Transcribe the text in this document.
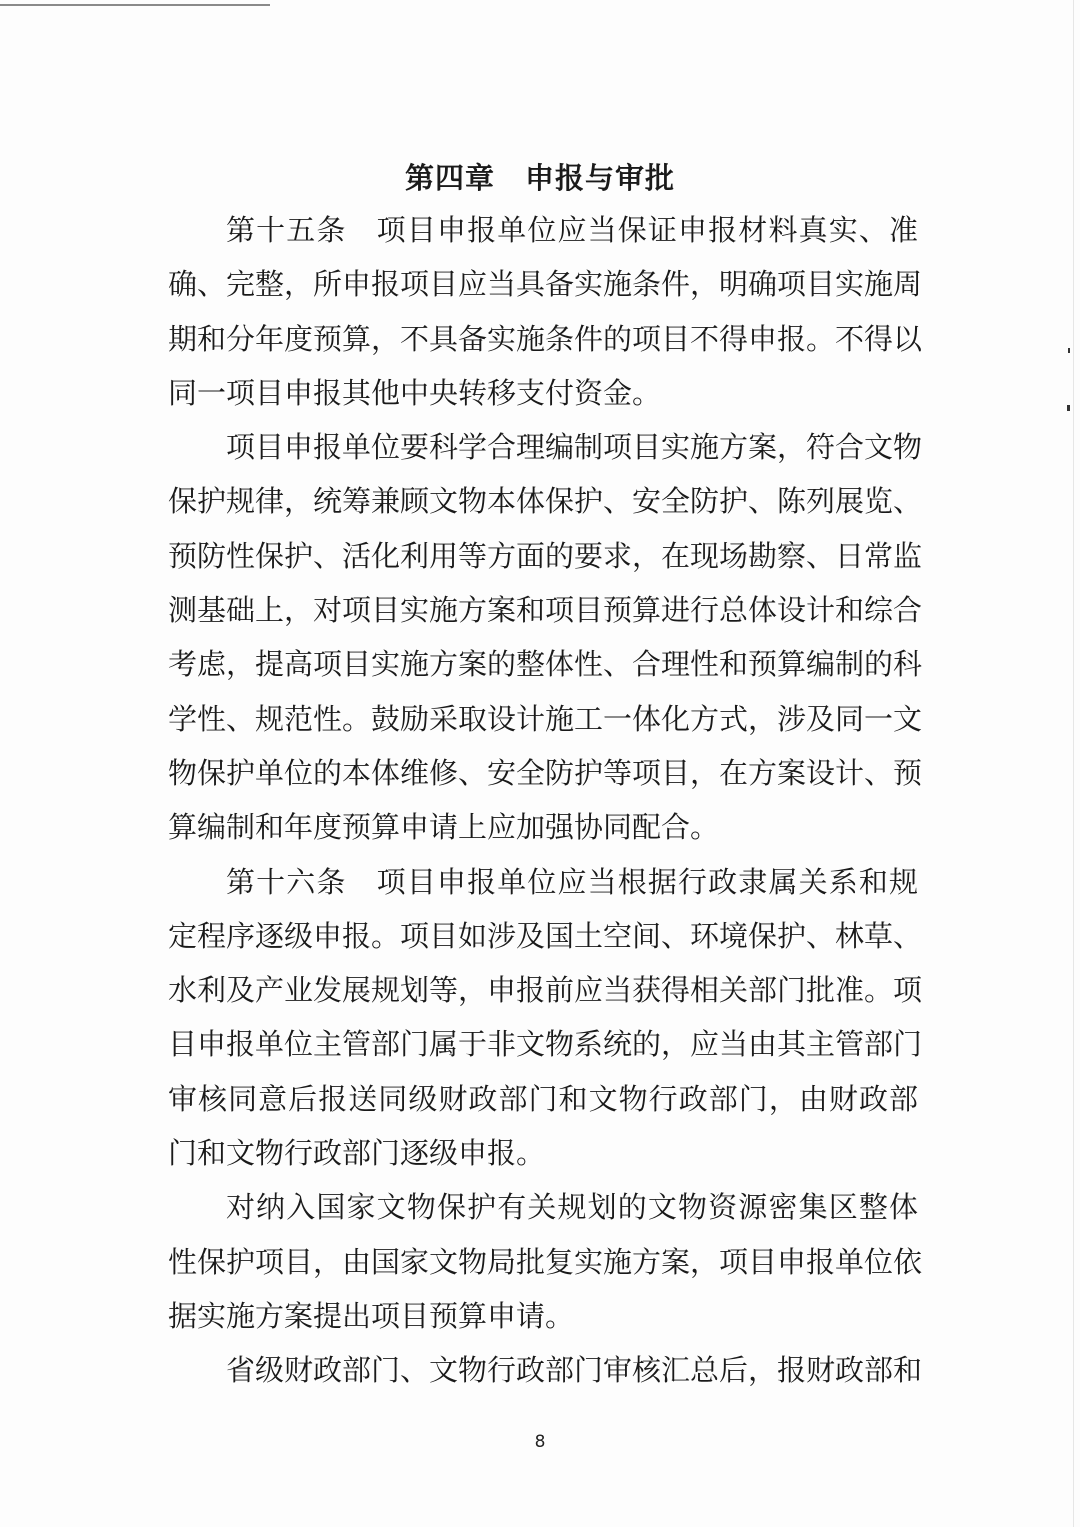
第四章 申报与审批
第十五条　项目申报单位应当保证申报材料真实、准
确、完整，所申报项目应当具备实施条件，明确项目实施周
期和分年度预算，不具备实施条件的项目不得申报。不得以
同一项目申报其他中央转移支付资金。
项目申报单位要科学合理编制项目实施方案，符合文物
保护规律，统筹兼顾文物本体保护、安全防护、陈列展览、
预防性保护、活化利用等方面的要求，在现场勘察、日常监
测基础上，对项目实施方案和项目预算进行总体设计和综合
考虑，提高项目实施方案的整体性、合理性和预算编制的科
学性、规范性。鼓励采取设计施工一体化方式，涉及同一文
物保护单位的本体维修、安全防护等项目，在方案设计、预
算编制和年度预算申请上应加强协同配合。
第十六条　项目申报单位应当根据行政隶属关系和规
定程序逐级申报。项目如涉及国土空间、环境保护、林草、
水利及产业发展规划等，申报前应当获得相关部门批准。项
目申报单位主管部门属于非文物系统的，应当由其主管部门
审核同意后报送同级财政部门和文物行政部门，由财政部
门和文物行政部门逐级申报。
对纳入国家文物保护有关规划的文物资源密集区整体
性保护项目，由国家文物局批复实施方案，项目申报单位依
据实施方案提出项目预算申请。
省级财政部门、文物行政部门审核汇总后，报财政部和
8
